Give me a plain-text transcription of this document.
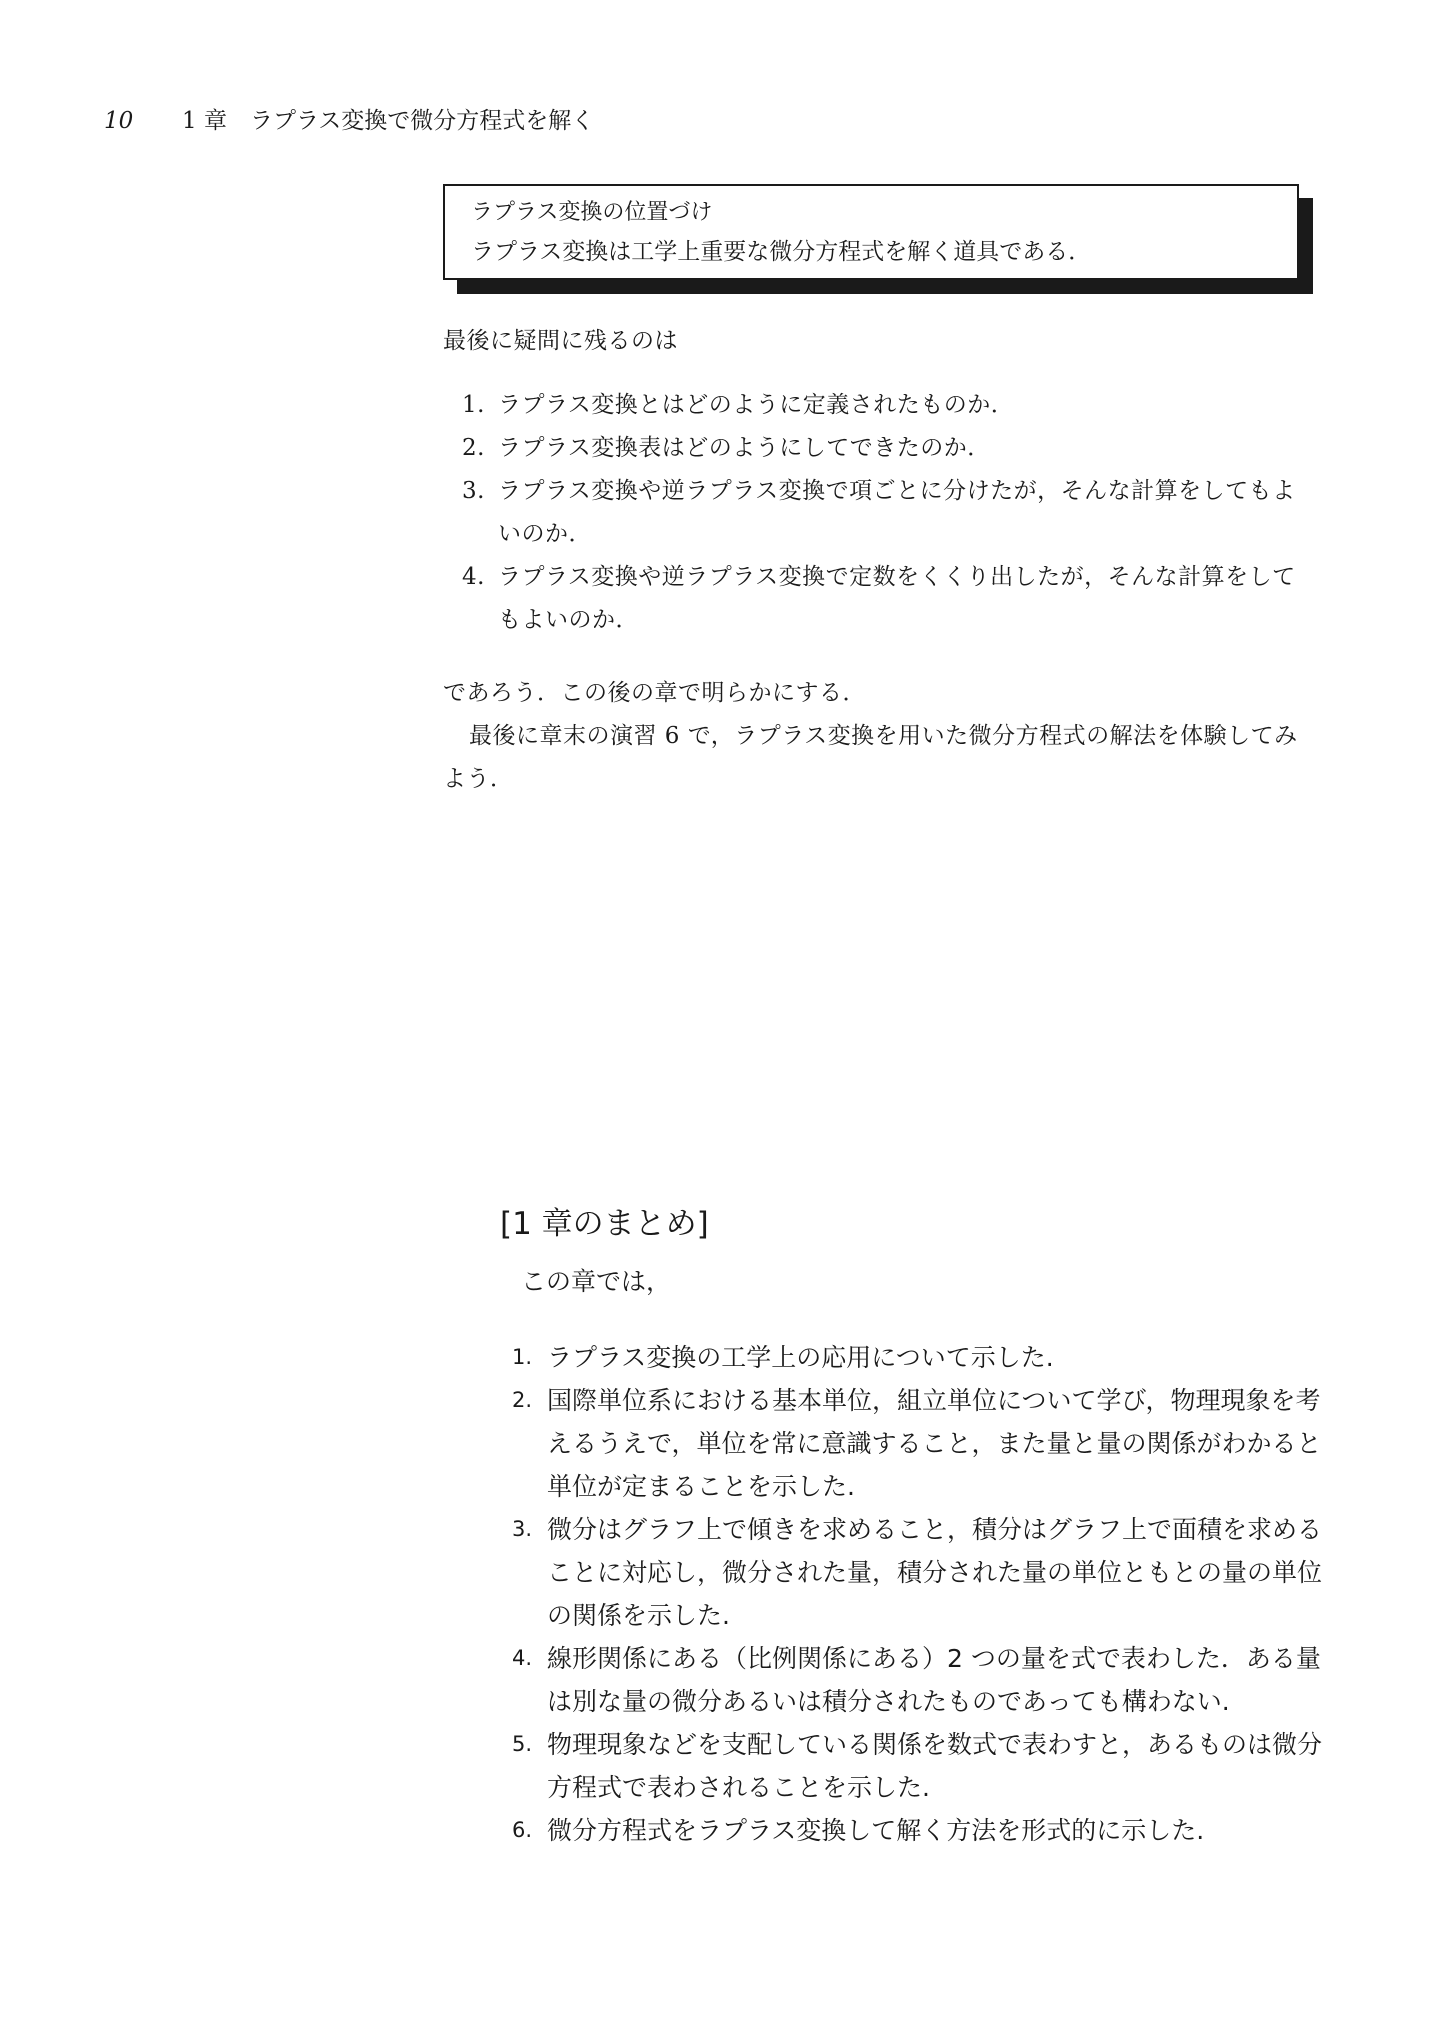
10 1 章　ラプラス変換で微分方程式を解く
ラプラス変換の位置づけ
ラプラス変換は工学上重要な微分方程式を解く道具である．

最後に疑問に残るのは

1. ラプラス変換とはどのように定義されたものか．
2. ラプラス変換表はどのようにしてできたのか．
3. ラプラス変換や逆ラプラス変換で項ごとに分けたが，そんな計算をしてもよいのか．
4. ラプラス変換や逆ラプラス変換で定数をくくり出したが，そんな計算をしてもよいのか．

であろう．この後の章で明らかにする．

最後に章末の演習 6 で，ラプラス変換を用いた微分方程式の解法を体験してみよう．

[1 章のまとめ]
この章では，
1. ラプラス変換の工学上の応用について示した.
2. 国際単位系における基本単位，組立単位について学び，物理現象を考えるうえで，単位を常に意識すること，また量と量の関係がわかると単位が定まることを示した.
3. 微分はグラフ上で傾きを求めること，積分はグラフ上で面積を求めることに対応し，微分された量，積分された量の単位ともとの量の単位の関係を示した.
4. 線形関係にある（比例関係にある）2 つの量を式で表わした．ある量は別な量の微分あるいは積分されたものであっても構わない.
5. 物理現象などを支配している関係を数式で表わすと，あるものは微分方程式で表わされることを示した.
6. 微分方程式をラプラス変換して解く方法を形式的に示した.
